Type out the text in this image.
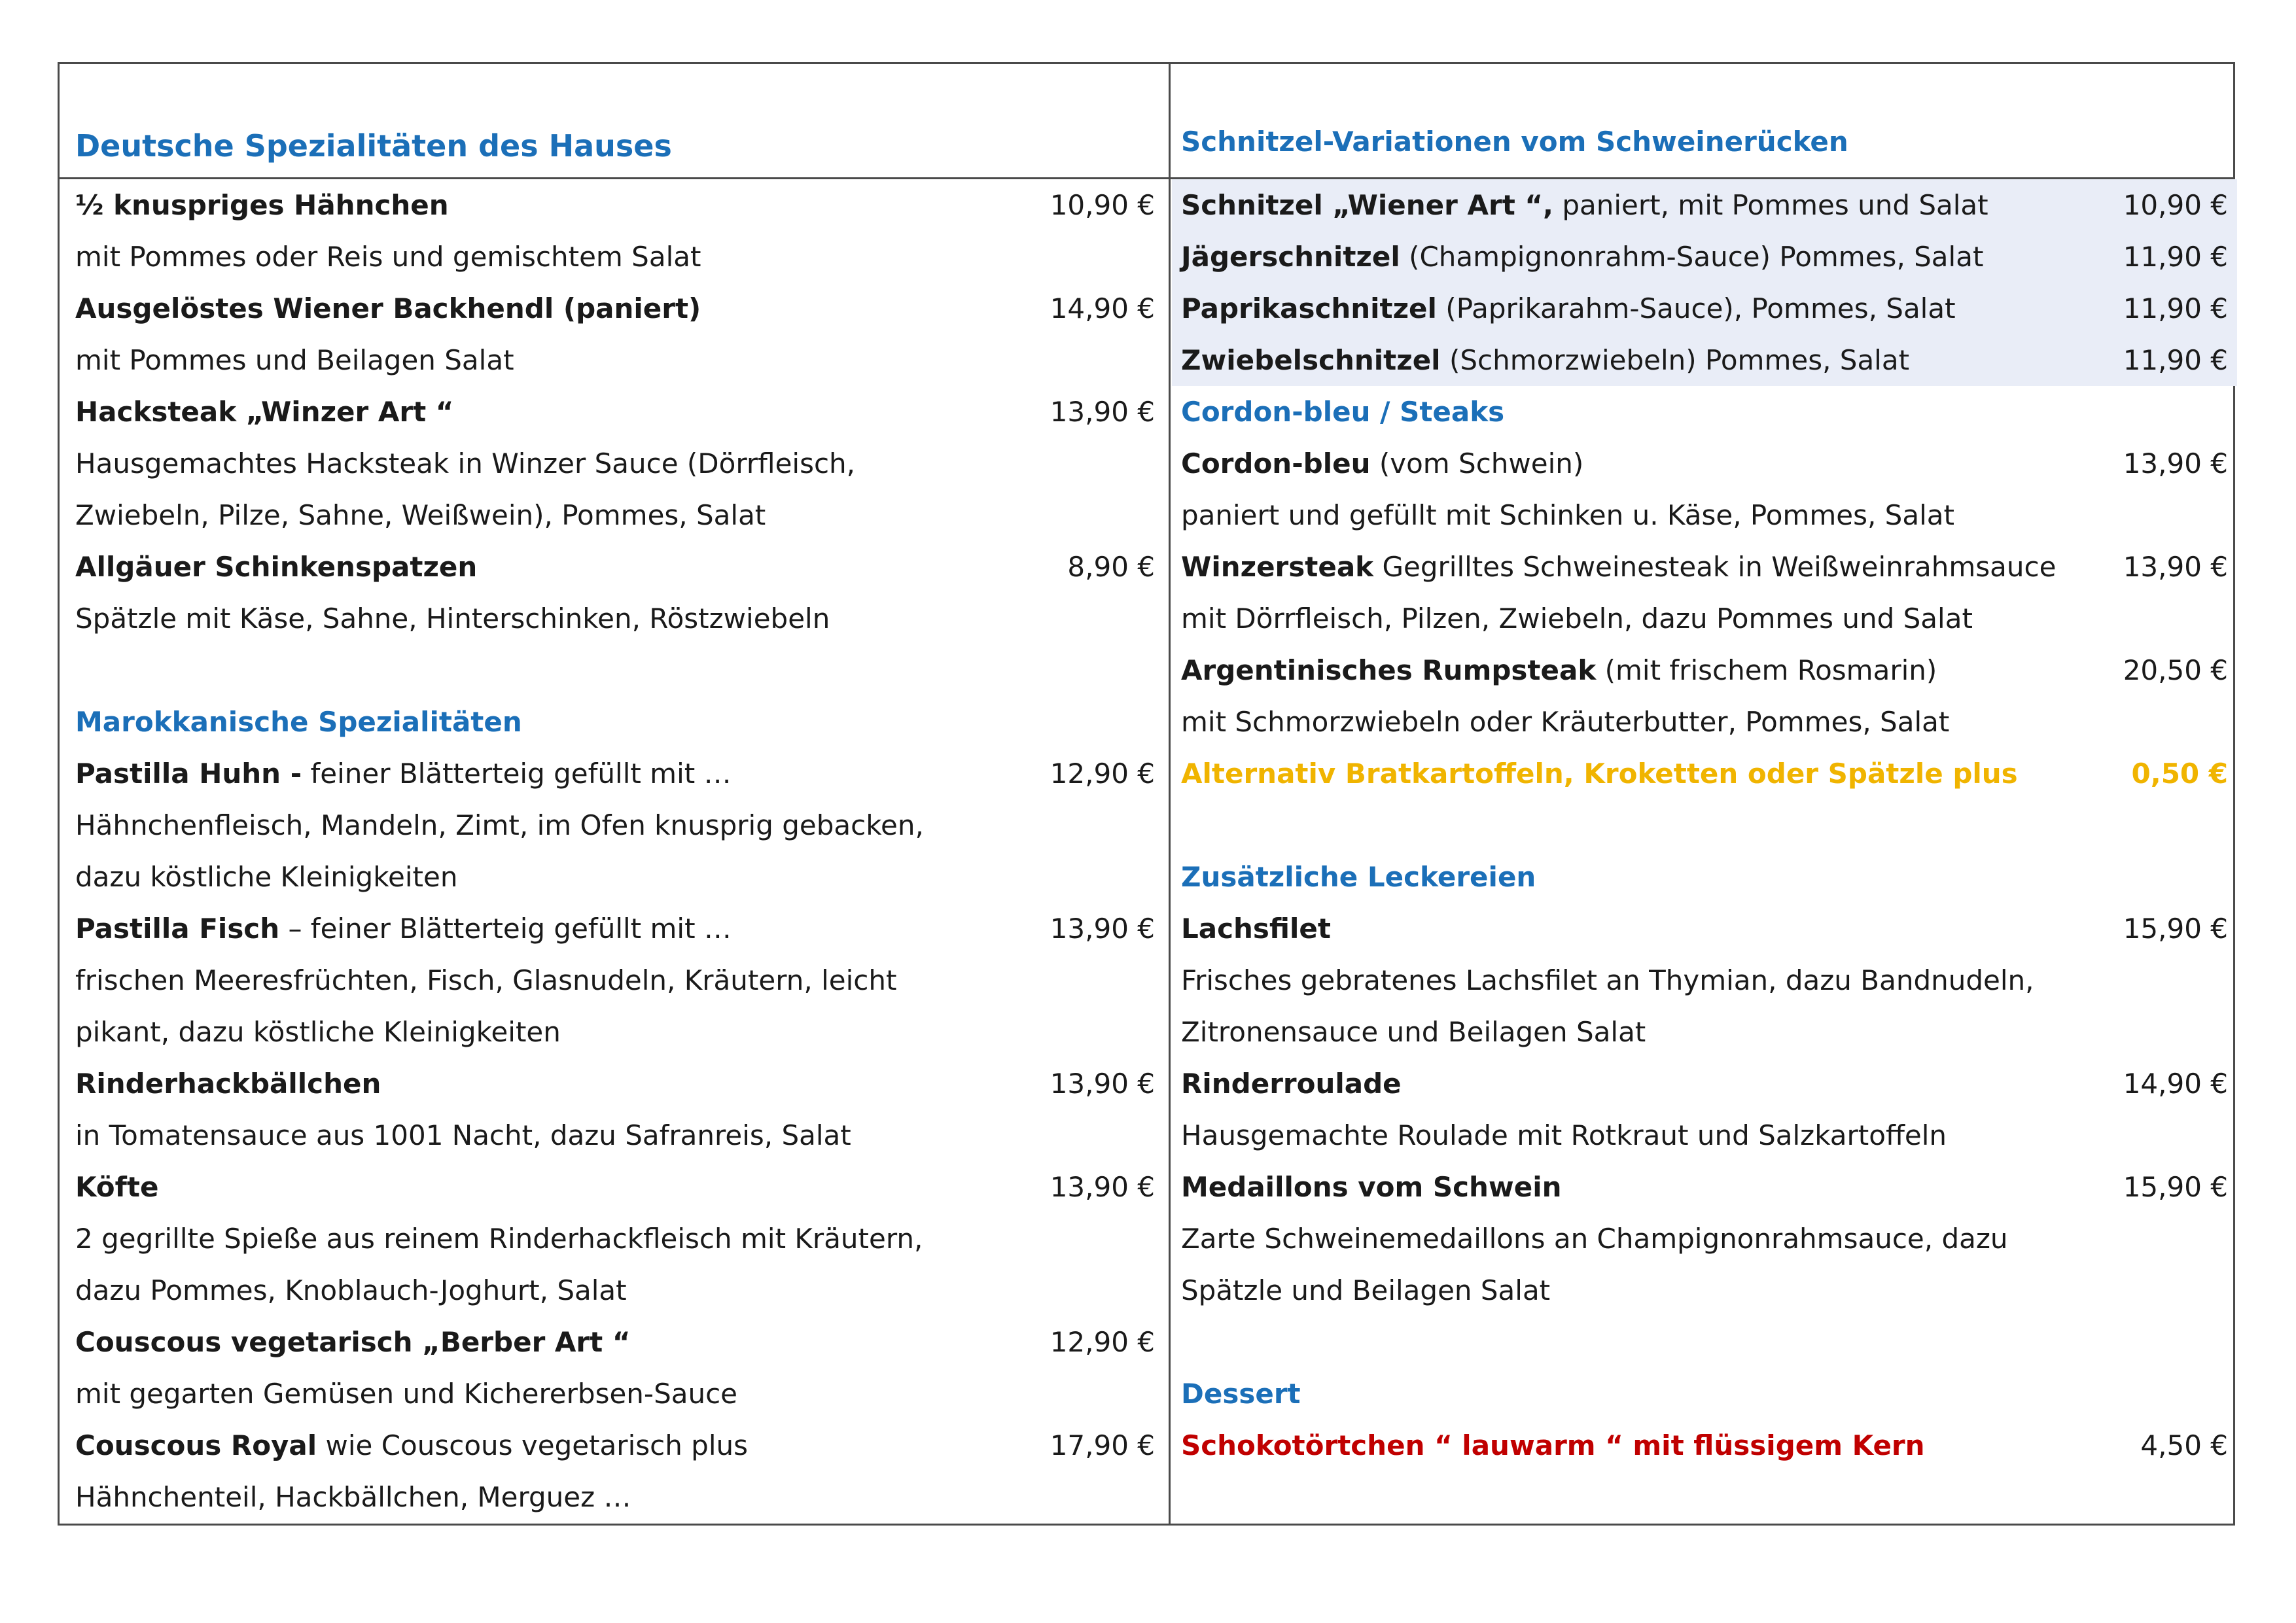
Deutsche Spezialitäten des Hauses
½ knuspriges Hähnchen	10,90 €
mit Pommes oder Reis und gemischtem Salat
Ausgelöstes Wiener Backhendl (paniert)	14,90 €
mit Pommes und Beilagen Salat
Hacksteak „Winzer Art “	13,90 €
Hausgemachtes Hacksteak in Winzer Sauce (Dörrfleisch,
Zwiebeln, Pilze, Sahne, Weißwein), Pommes, Salat
Allgäuer Schinkenspatzen	8,90 €
Spätzle mit Käse, Sahne, Hinterschinken, Röstzwiebeln
Marokkanische Spezialitäten
Pastilla Huhn - feiner Blätterteig gefüllt mit …	12,90 €
Hähnchenfleisch, Mandeln, Zimt, im Ofen knusprig gebacken,
dazu köstliche Kleinigkeiten
Pastilla Fisch – feiner Blätterteig gefüllt mit …	13,90 €
frischen Meeresfrüchten, Fisch, Glasnudeln, Kräutern, leicht
pikant, dazu köstliche Kleinigkeiten
Rinderhackbällchen	13,90 €
in Tomatensauce aus 1001 Nacht, dazu Safranreis, Salat
Köfte	13,90 €
2 gegrillte Spieße aus reinem Rinderhackfleisch mit Kräutern,
dazu Pommes, Knoblauch-Joghurt, Salat
Couscous vegetarisch „Berber Art “	12,90 €
mit gegarten Gemüsen und Kichererbsen-Sauce
Couscous Royal wie Couscous vegetarisch plus	17,90 €
Hähnchenteil, Hackbällchen, Merguez …
Schnitzel-Variationen vom Schweinerücken
Schnitzel „Wiener Art “, paniert, mit Pommes und Salat	10,90 €
Jägerschnitzel (Champignonrahm-Sauce) Pommes, Salat	11,90 €
Paprikaschnitzel (Paprikarahm-Sauce), Pommes, Salat	11,90 €
Zwiebelschnitzel (Schmorzwiebeln) Pommes, Salat	11,90 €
Cordon-bleu / Steaks
Cordon-bleu (vom Schwein)	13,90 €
paniert und gefüllt mit Schinken u. Käse, Pommes, Salat
Winzersteak Gegrilltes Schweinesteak in Weißweinrahmsauce 13,90 €
mit Dörrfleisch, Pilzen, Zwiebeln, dazu Pommes und Salat
Argentinisches Rumpsteak (mit frischem Rosmarin)	20,50 €
mit Schmorzwiebeln oder Kräuterbutter, Pommes, Salat
Alternativ Bratkartoffeln, Kroketten oder Spätzle plus	0,50 €
Zusätzliche Leckereien
Lachsfilet	15,90 €
Frisches gebratenes Lachsfilet an Thymian, dazu Bandnudeln,
Zitronensauce und Beilagen Salat
Rinderroulade	14,90 €
Hausgemachte Roulade mit Rotkraut und Salzkartoffeln
Medaillons vom Schwein	15,90 €
Zarte Schweinemedaillons an Champignonrahmsauce, dazu
Spätzle und Beilagen Salat
Dessert
Schokotörtchen “ lauwarm “ mit flüssigem Kern	4,50 €
